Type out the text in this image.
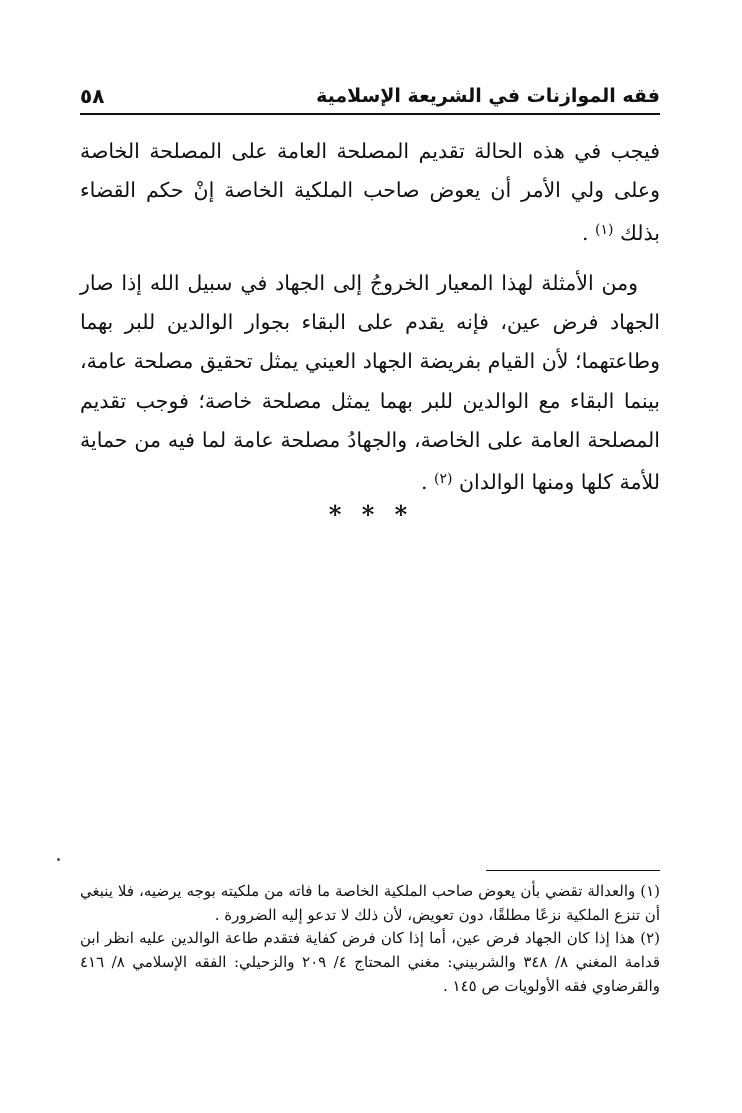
فقه الموازنات في الشريعة الإسلامية
٥٨

فيجب في هذه الحالة تقديم المصلحة العامة على المصلحة الخاصة وعلى ولي الأمر أن يعوض صاحب الملكية الخاصة إنْ حكم القضاء بذلك $^{(١)}$ .

ومن الأمثلة لهذا المعيار الخروجُ إلى الجهاد في سبيل الله إذا صار الجهاد فرض عين، فإنه يقدم على البقاء بجوار الوالدين للبر بهما وطاعتهما؛ لأن القيام بفريضة الجهاد العيني يمثل تحقيق مصلحة عامة، بينما البقاء مع الوالدين للبر بهما يمثل مصلحة خاصة؛ فوجب تقديم المصلحة العامة على الخاصة، والجهادُ مصلحة عامة لما فيه من حماية للأمة كلها ومنها الوالدان $^{(٢)}$ .

* * *

(١) والعدالة تقضي بأن يعوض صاحب الملكية الخاصة ما فاته من ملكيته بوجه يرضيه، فلا ينبغي أن تنزع الملكية نزعًا مطلقًا، دون تعويض، لأن ذلك لا تدعو إليه الضرورة .

(٢) هذا إذا كان الجهاد فرض عين، أما إذا كان فرض كفاية فتقدم طاعة الوالدين عليه انظر ابن قدامة المغني ٨/ ٣٤٨ والشربيني: مغني المحتاج ٤/ ٢٠٩ والزحيلي: الفقه الإسلامي ٨/ ٤١٦ والقرضاوي فقه الأولويات ص ١٤٥ .
